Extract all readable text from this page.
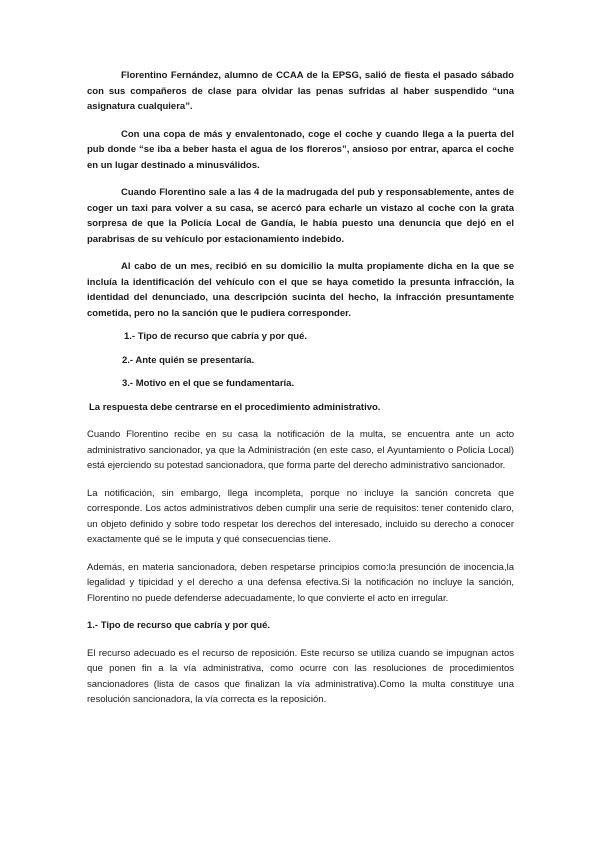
Florentino Fernández, alumno de CCAA de la EPSG, salió de fiesta el pasado sábado con sus compañeros de clase para olvidar las penas sufridas al haber suspendido “una asignatura cualquiera”.

Con una copa de más y envalentonado, coge el coche y cuando llega a la puerta del pub donde “se iba a beber hasta el agua de los floreros”, ansioso por entrar, aparca el coche en un lugar destinado a minusválidos.

Cuando Florentino sale a las 4 de la madrugada del pub y responsablemente, antes de coger un taxi para volver a su casa, se acercó para echarle un vistazo al coche con la grata sorpresa de que la Policía Local de Gandía, le había puesto una denuncia que dejó en el parabrisas de su vehículo por estacionamiento indebido.

Al cabo de un mes, recibió en su domicilio la multa propiamente dicha en la que se incluía la identificación del vehículo con el que se haya cometido la presunta infracción, la identidad del denunciado, una descripción sucinta del hecho, la infracción presuntamente cometida, pero no la sanción que le pudiera corresponder.

1.- Tipo de recurso que cabría y por qué.
2.- Ante quién se presentaría.
3.- Motivo en el que se fundamentaría.

La respuesta debe centrarse en el procedimiento administrativo.

Cuando Florentino recibe en su casa la notificación de la multa, se encuentra ante un acto administrativo sancionador, ya que la Administración (en este caso, el Ayuntamiento o Policía Local) está ejerciendo su potestad sancionadora, que forma parte del derecho administrativo sancionador.

La notificación, sin embargo, llega incompleta, porque no incluye la sanción concreta que corresponde. Los actos administrativos deben cumplir una serie de requisitos: tener contenido claro, un objeto definido y sobre todo respetar los derechos del interesado, incluido su derecho a conocer exactamente qué se le imputa y qué consecuencias tiene.

Además, en materia sancionadora, deben respetarse principios como:la presunción de inocencia,la legalidad y tipicidad y el derecho a una defensa efectiva.Si la notificación no incluye la sanción, Florentino no puede defenderse adecuadamente, lo que convierte el acto en irregular.

1.- Tipo de recurso que cabría y por qué.

El recurso adecuado es el recurso de reposición. Este recurso se utiliza cuando se impugnan actos que ponen fin a la vía administrativa, como ocurre con las resoluciones de procedimientos sancionadores (lista de casos que finalizan la vía administrativa).Como la multa constituye una resolución sancionadora, la vía correcta es la reposición.
